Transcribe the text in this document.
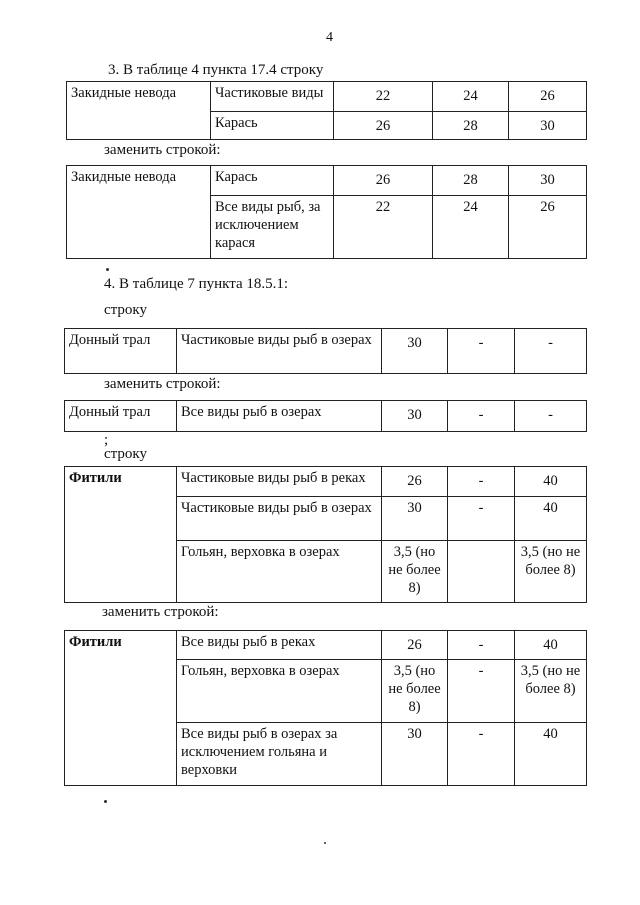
4
3. В таблице 4 пункта 17.4 строку
Закидные невода	Частиковые виды	22	24	26
	Карась	26	28	30
заменить строкой:
Закидные невода	Карась	26	28	30
	Все виды рыб, за исключением карася	22	24	26
4. В таблице 7 пункта 18.5.1:
строку
Донный трал	Частиковые виды рыб в озерах	30	-	-
заменить строкой:
Донный трал	Все виды рыб в озерах	30	-	-
;
строку
Фитили	Частиковые виды рыб в реках	26	-	40
	Частиковые виды рыб в озерах	30	-	40
	Гольян, верховка в озерах	3,5 (но не более 8)		3,5 (но не более 8)
заменить строкой:
Фитили	Все виды рыб в реках	26	-	40
	Гольян, верховка в озерах	3,5 (но не более 8)	-	3,5 (но не более 8)
	Все виды рыб в озерах за исключением гольяна и верховки	30	-	40
